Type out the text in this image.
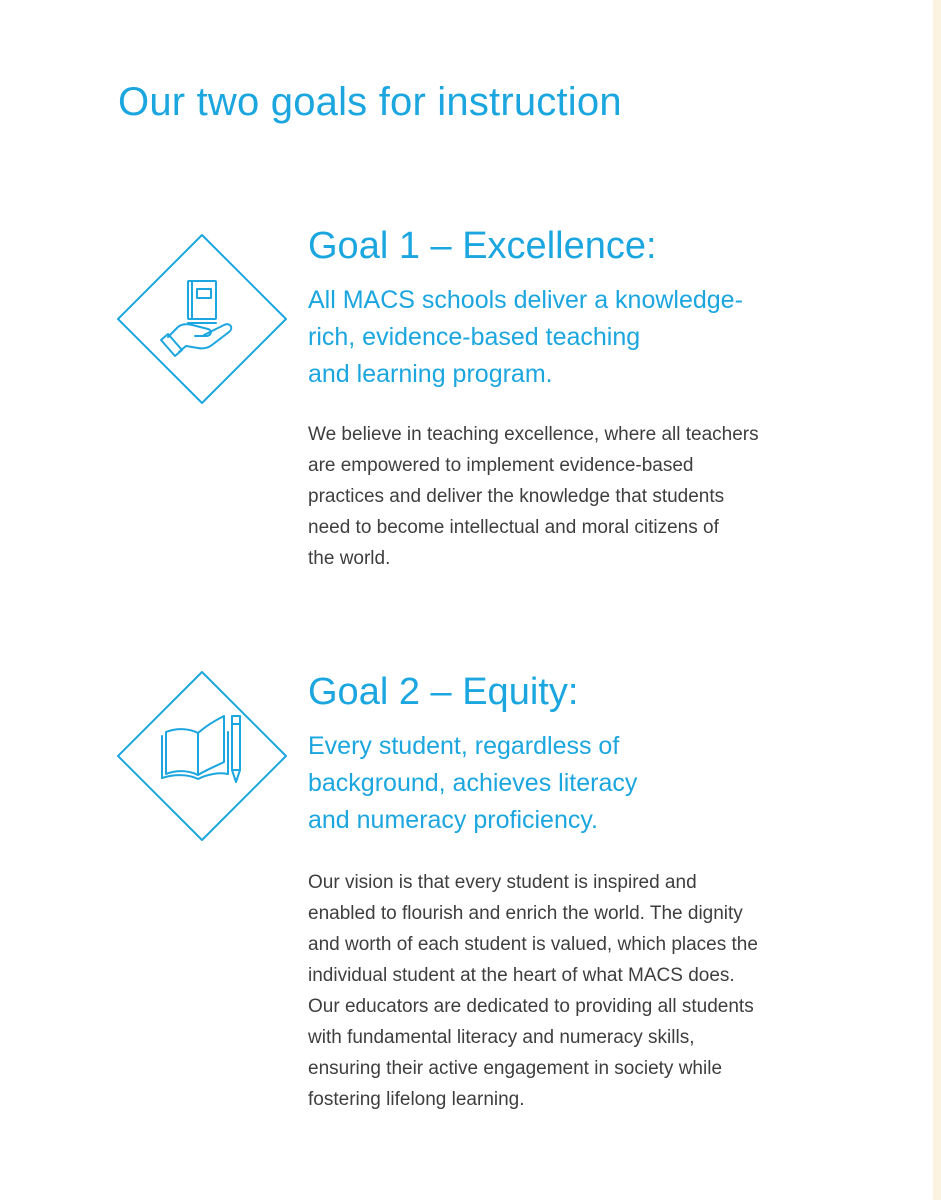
Our two goals for instruction
Goal 1 – Excellence:

All MACS schools deliver a knowledge-
rich, evidence-based teaching
and learning program.

We believe in teaching excellence, where all teachers
are empowered to implement evidence-based
practices and deliver the knowledge that students
need to become intellectual and moral citizens of
the world.

Goal 2 – Equity:

Every student, regardless of
background, achieves literacy
and numeracy proficiency.

Our vision is that every student is inspired and
enabled to flourish and enrich the world. The dignity
and worth of each student is valued, which places the
individual student at the heart of what MACS does.
Our educators are dedicated to providing all students
with fundamental literacy and numeracy skills,
ensuring their active engagement in society while
fostering lifelong learning.
